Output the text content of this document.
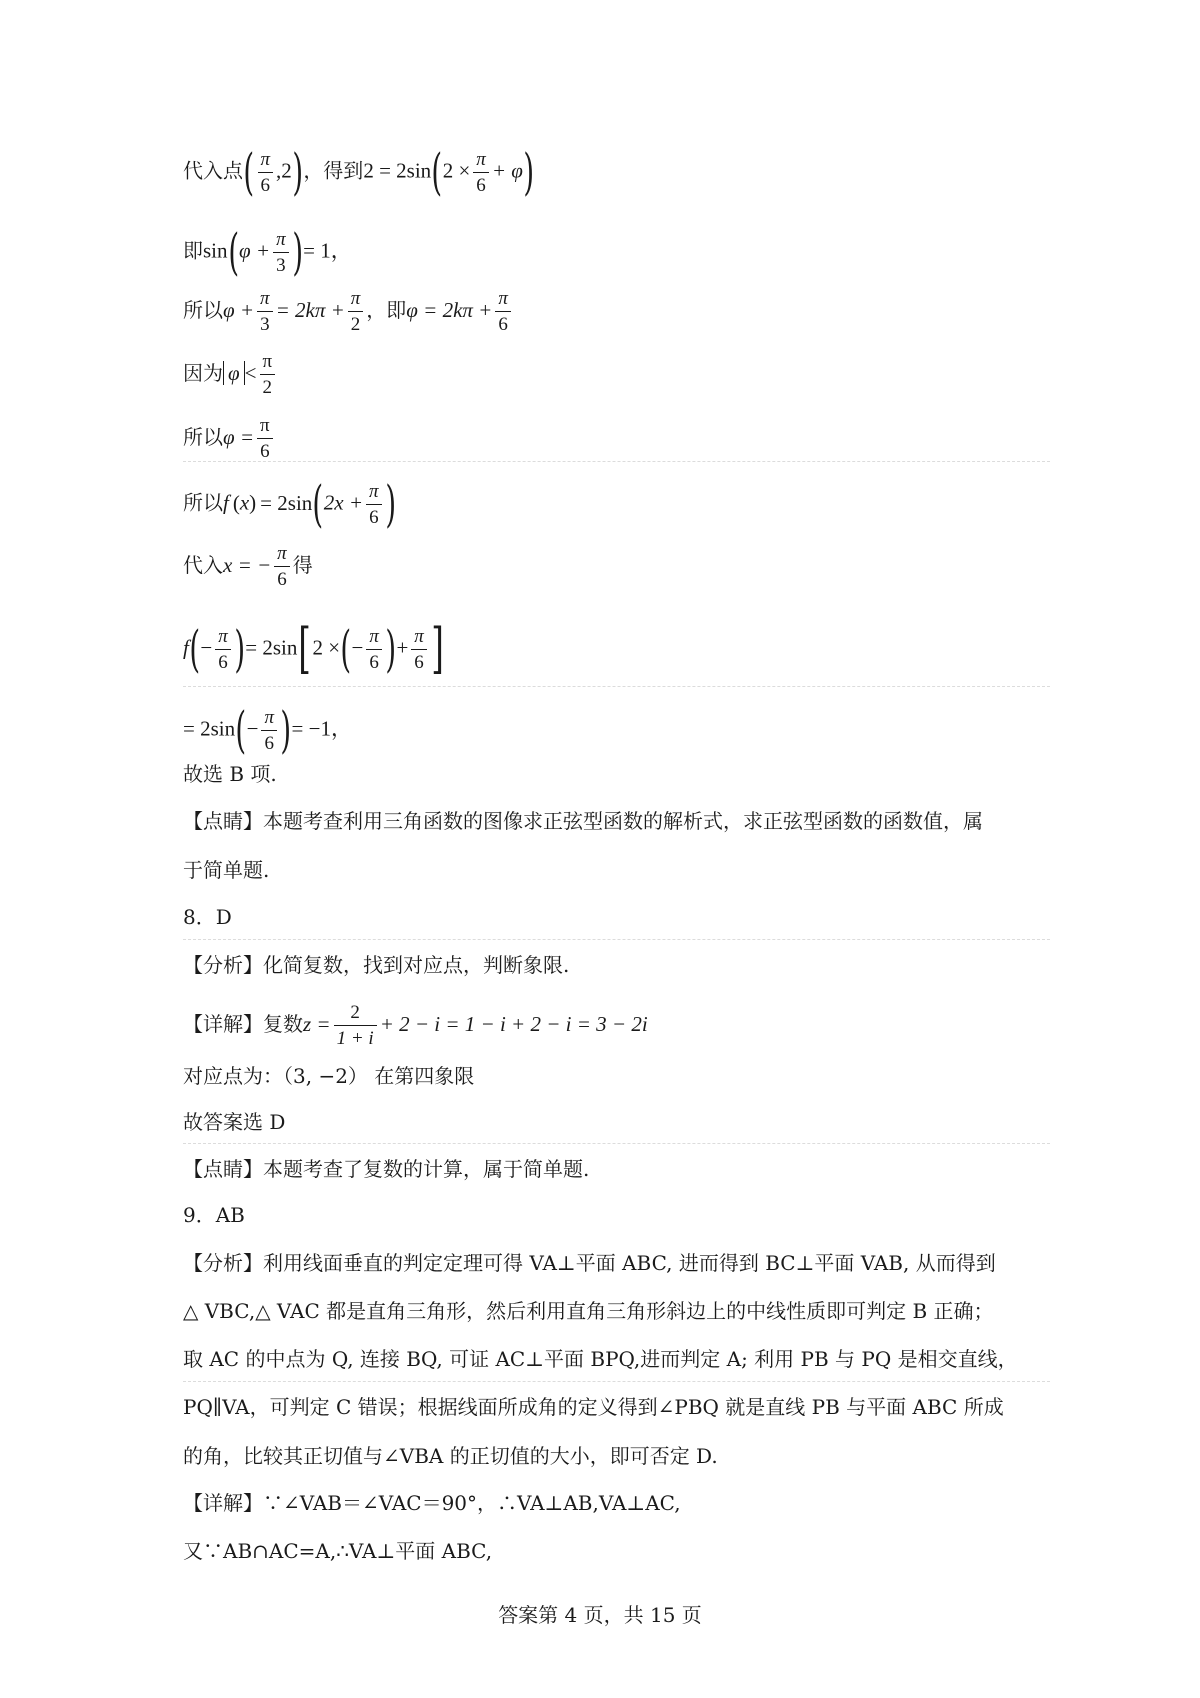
代入点( $\frac{\pi}{6} ,2$)，得到$2 = 2\sin(2 \times \frac{\pi}{6} + \varphi)$
即$\sin(\varphi + \frac{\pi}{3}$ )= 1，
所以$\varphi + \frac{\pi}{3} = 2k\pi + \frac{\pi}{2}$ ，即$\varphi = 2k\pi + \frac{\pi}{6}$
因为 $\varphi < \frac{\pi}{2}$
所以$\varphi = \frac{\pi}{6}$
所以f $(x) = 2\sin(2x + \frac{\pi}{6}$ )
代入x = − $\frac{\pi}{6}$ 得
$f(- \frac{\pi}{6}$ )= 2sin[2 ×(− $\frac{\pi}{6}$ )+ $\frac{\pi}{6}$ ]
= $2\sin(- \frac{\pi}{6}$ )= −1，
故选 B 项.
【点睛】本题考查利用三角函数的图像求正弦型函数的解析式，求正弦型函数的函数值，属
于简单题.
8．D
【分析】化简复数，找到对应点，判断象限.
【详解】复数$z = \frac{2}{1 + i} + 2 - i = 1 - i + 2 - i = 3 - 2i$
对应点为：（3, −2） 在第四象限
故答案选 D
【点睛】本题考查了复数的计算，属于简单题.
9．AB
【分析】利用线面垂直的判定定理可得 VA⊥平面 ABC, 进而得到 BC⊥平面 VAB, 从而得到
△ VBC,△ VAC 都是直角三角形，然后利用直角三角形斜边上的中线性质即可判定 B 正确；
取 AC 的中点为 Q, 连接 BQ, 可证 AC⊥平面 BPQ,进而判定 A; 利用 PB 与 PQ 是相交直线，
PQ∥VA，可判定 C 错误；根据线面所成角的定义得到∠PBQ 就是直线 PB 与平面 ABC 所成
的角，比较其正切值与∠VBA 的正切值的大小，即可否定 D.
【详解】∵∠VAB＝∠VAC＝90°，∴VA⊥AB,VA⊥AC,
又∵AB∩AC=A,∴VA⊥平面 ABC,
答案第 4 页，共 15 页
